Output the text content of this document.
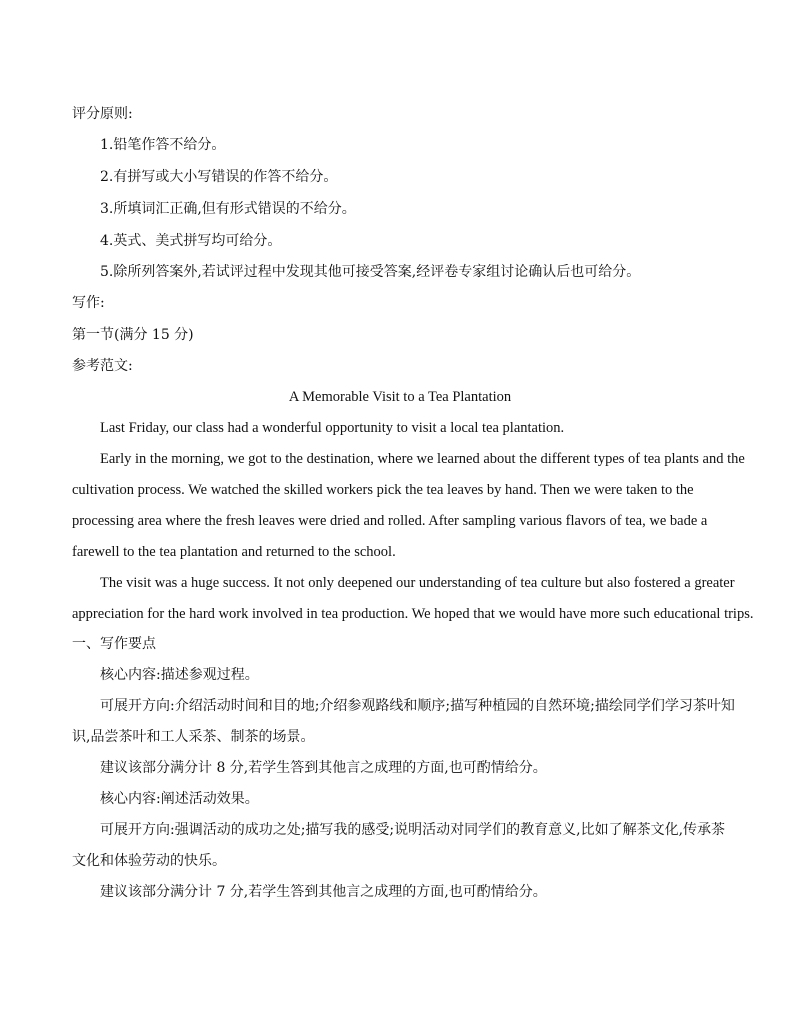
评分原则:
1.铅笔作答不给分。
2.有拼写或大小写错误的作答不给分。
3.所填词汇正确,但有形式错误的不给分。
4.英式、美式拼写均可给分。
5.除所列答案外,若试评过程中发现其他可接受答案,经评卷专家组讨论确认后也可给分。
写作:
第一节(满分 15 分)
参考范文:
A Memorable Visit to a Tea Plantation
Last Friday, our class had a wonderful opportunity to visit a local tea plantation.
Early in the morning, we got to the destination, where we learned about the different types of tea plants and the
cultivation process. We watched the skilled workers pick the tea leaves by hand. Then we were taken to the
processing area where the fresh leaves were dried and rolled. After sampling various flavors of tea, we bade a
farewell to the tea plantation and returned to the school.
The visit was a huge success. It not only deepened our understanding of tea culture but also fostered a greater
appreciation for the hard work involved in tea production. We hoped that we would have more such educational trips.
一、写作要点
核心内容:描述参观过程。
可展开方向:介绍活动时间和目的地;介绍参观路线和顺序;描写种植园的自然环境;描绘同学们学习茶叶知
识,品尝茶叶和工人采茶、制茶的场景。
建议该部分满分计 8 分,若学生答到其他言之成理的方面,也可酌情给分。
核心内容:阐述活动效果。
可展开方向:强调活动的成功之处;描写我的感受;说明活动对同学们的教育意义,比如了解茶文化,传承茶
文化和体验劳动的快乐。
建议该部分满分计 7 分,若学生答到其他言之成理的方面,也可酌情给分。
